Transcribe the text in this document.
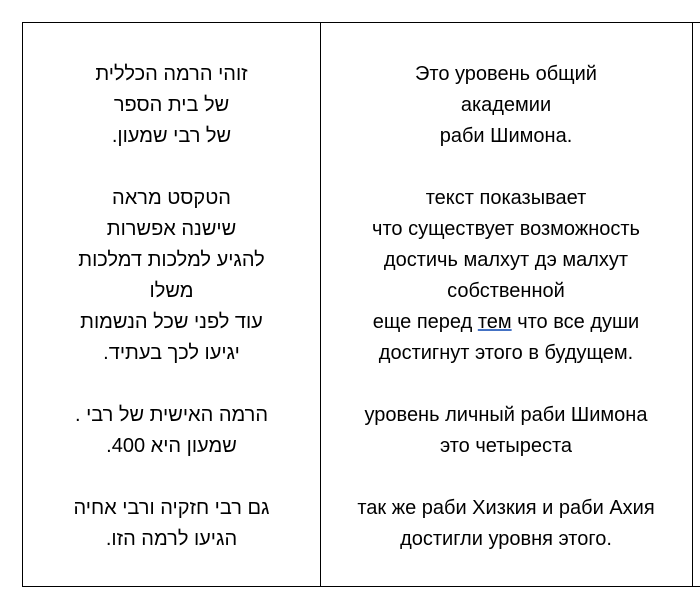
זוהי הרמה הכללית
של בית הספר
של רבי שמעון.
הטקסט מראה
שישנה אפשרות
להגיע למלכות דמלכות
משלו
עוד לפני שכל הנשמות
יגיעו לכך בעתיד.
הרמה האישית של רבי .
שמעון היא 400.
גם רבי חזקיה ורבי אחיה
הגיעו לרמה הזו.
Это уровень общий
академии
раби Шимона.
текст показывает
что существует возможность
достичь малхут дэ малхут
собственной
еще перед тем что все души
достигнут этого в будущем.
уровень личный раби Шимона
это четыреста
так же раби Хизкия и раби Ахия
достигли уровня этого.
